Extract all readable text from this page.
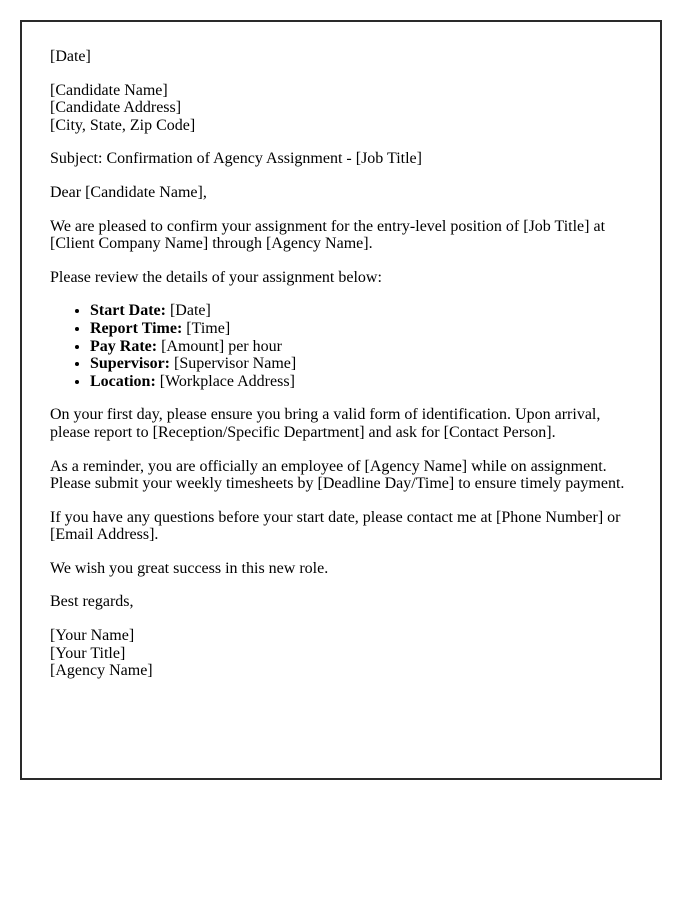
[Date]

[Candidate Name]
[Candidate Address]
[City, State, Zip Code]

Subject: Confirmation of Agency Assignment - [Job Title]

Dear [Candidate Name],

We are pleased to confirm your assignment for the entry-level position of [Job Title] at [Client Company Name] through [Agency Name].

Please review the details of your assignment below:

• Start Date: [Date]
• Report Time: [Time]
• Pay Rate: [Amount] per hour
• Supervisor: [Supervisor Name]
• Location: [Workplace Address]

On your first day, please ensure you bring a valid form of identification. Upon arrival, please report to [Reception/Specific Department] and ask for [Contact Person].

As a reminder, you are officially an employee of [Agency Name] while on assignment. Please submit your weekly timesheets by [Deadline Day/Time] to ensure timely payment.

If you have any questions before your start date, please contact me at [Phone Number] or [Email Address].

We wish you great success in this new role.

Best regards,

[Your Name]
[Your Title]
[Agency Name]
